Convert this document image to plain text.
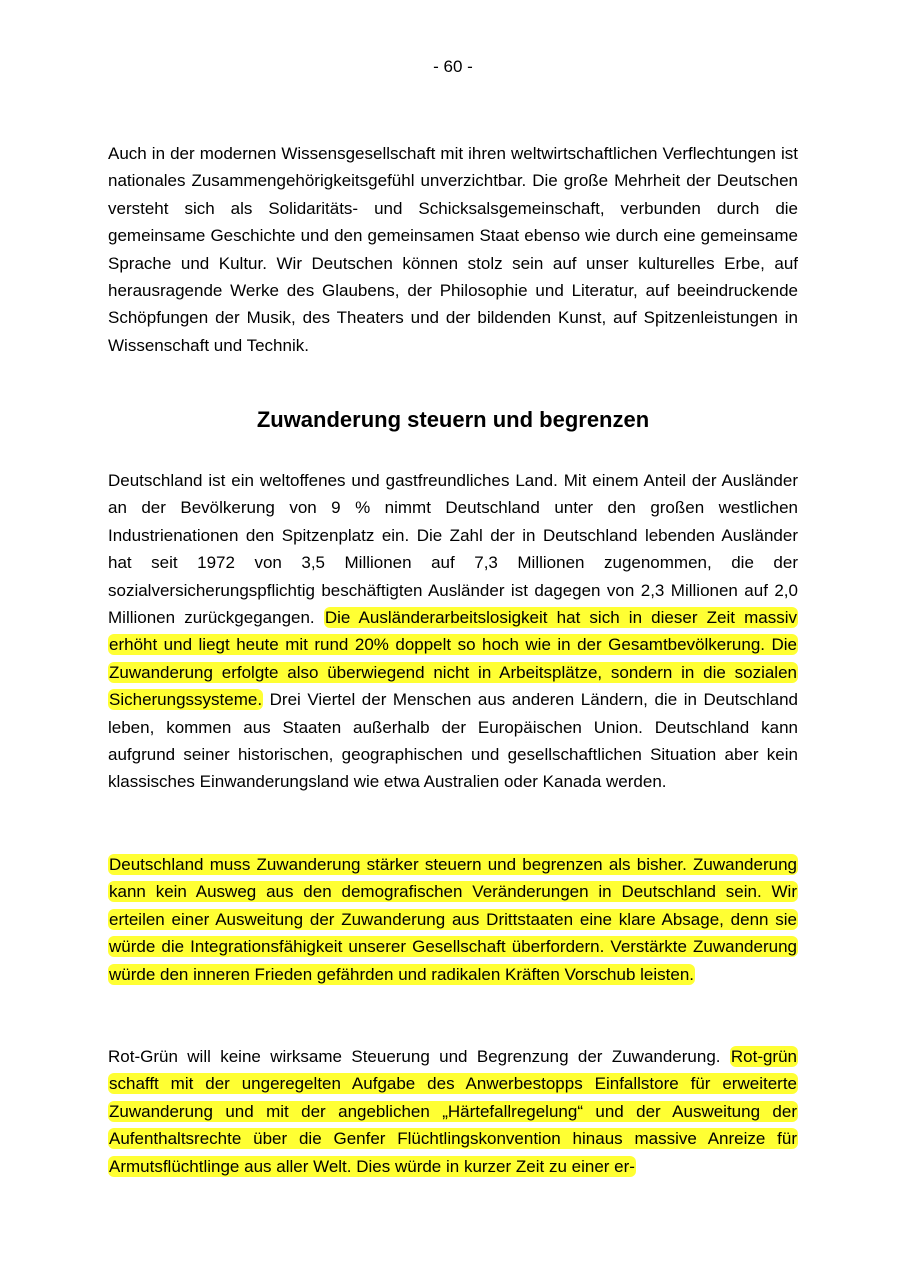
- 60 -

Auch in der modernen Wissensgesellschaft mit ihren weltwirtschaftlichen Verflechtungen ist nationales Zusammengehörigkeitsgefühl unverzichtbar. Die große Mehrheit der Deutschen versteht sich als Solidaritäts- und Schicksalsgemeinschaft, verbunden durch die gemeinsame Geschichte und den gemeinsamen Staat ebenso wie durch eine gemeinsame Sprache und Kultur. Wir Deutschen können stolz sein auf unser kulturelles Erbe, auf herausragende Werke des Glaubens, der Philosophie und Literatur, auf beeindruckende Schöpfungen der Musik, des Theaters und der bildenden Kunst, auf Spitzenleistungen in Wissenschaft und Technik.

Zuwanderung steuern und begrenzen

Deutschland ist ein weltoffenes und gastfreundliches Land. Mit einem Anteil der Ausländer an der Bevölkerung von 9 % nimmt Deutschland unter den großen westlichen Industrienationen den Spitzenplatz ein. Die Zahl der in Deutschland lebenden Ausländer hat seit 1972 von 3,5 Millionen auf 7,3 Millionen zugenommen, die der sozialversicherungspflichtig beschäftigten Ausländer ist dagegen von 2,3 Millionen auf 2,0 Millionen zurückgegangen. Die Ausländerarbeitslosigkeit hat sich in dieser Zeit massiv erhöht und liegt heute mit rund 20% doppelt so hoch wie in der Gesamtbevölkerung. Die Zuwanderung erfolgte also überwiegend nicht in Arbeitsplätze, sondern in die sozialen Sicherungssysteme. Drei Viertel der Menschen aus anderen Ländern, die in Deutschland leben, kommen aus Staaten außerhalb der Europäischen Union. Deutschland kann aufgrund seiner historischen, geographischen und gesellschaftlichen Situation aber kein klassisches Einwanderungsland wie etwa Australien oder Kanada werden.

Deutschland muss Zuwanderung stärker steuern und begrenzen als bisher. Zuwanderung kann kein Ausweg aus den demografischen Veränderungen in Deutschland sein. Wir erteilen einer Ausweitung der Zuwanderung aus Drittstaaten eine klare Absage, denn sie würde die Integrationsfähigkeit unserer Gesellschaft überfordern. Verstärkte Zuwanderung würde den inneren Frieden gefährden und radikalen Kräften Vorschub leisten.

Rot-Grün will keine wirksame Steuerung und Begrenzung der Zuwanderung. Rot-grün schafft mit der ungeregelten Aufgabe des Anwerbestopps Einfallstore für erweiterte Zuwanderung und mit der angeblichen „Härtefallregelung“ und der Ausweitung der Aufenthaltsrechte über die Genfer Flüchtlingskonvention hinaus massive Anreize für Armutsflüchtlinge aus aller Welt. Dies würde in kurzer Zeit zu einer er-
